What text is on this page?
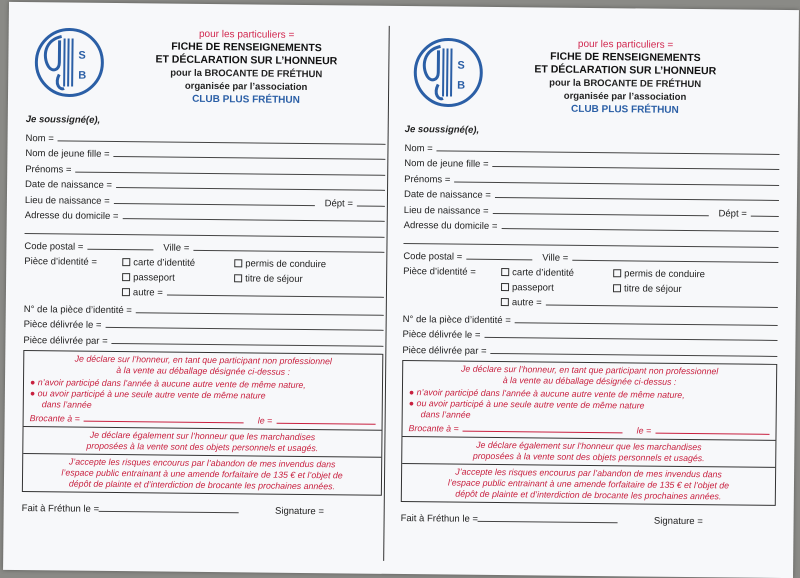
S
B
pour les particuliers =
FICHE DE RENSEIGNEMENTS
ET DÉCLARATION SUR L’HONNEUR
pour la BROCANTE DE FRÉTHUN
organisée par l’association
CLUB PLUS FRÉTHUN
Je soussigné(e),
Nom =
Nom de jeune fille =
Prénoms =
Date de naissance =
Lieu de naissance =	Dépt =
Adresse du domicile =
Code postal =	Ville =
Pièce d’identité =	carte d’identité	permis de conduire
passeport	titre de séjour
autre =
N° de la pièce d’identité =
Pièce délivrée le =
Pièce délivrée par =
Je déclare sur l’honneur, en tant que participant non professionnel
à la vente au déballage désignée ci-dessus :
● n’avoir participé dans l’année à aucune autre vente de même nature,
● ou avoir participé à une seule autre vente de même nature
dans l’année
Brocante à =	le =
Je déclare également sur l’honneur que les marchandises
proposées à la vente sont des objets personnels et usagés.
J’accepte les risques encourus par l’abandon de mes invendus dans
l’espace public entrainant à une amende forfaitaire de 135 € et l’objet de
dépôt de plainte et d’interdiction de brocante les prochaines années.
Fait à Fréthun le =	Signature =
S
B
pour les particuliers =
FICHE DE RENSEIGNEMENTS
ET DÉCLARATION SUR L’HONNEUR
pour la BROCANTE DE FRÉTHUN
organisée par l’association
CLUB PLUS FRÉTHUN
Je soussigné(e),
Nom =
Nom de jeune fille =
Prénoms =
Date de naissance =
Lieu de naissance =	Dépt =
Adresse du domicile =
Code postal =	Ville =
Pièce d’identité =	carte d’identité	permis de conduire
passeport	titre de séjour
autre =
N° de la pièce d’identité =
Pièce délivrée le =
Pièce délivrée par =
Je déclare sur l’honneur, en tant que participant non professionnel
à la vente au déballage désignée ci-dessus :
● n’avoir participé dans l’année à aucune autre vente de même nature,
● ou avoir participé à une seule autre vente de même nature
dans l’année
Brocante à =	le =
Je déclare également sur l’honneur que les marchandises
proposées à la vente sont des objets personnels et usagés.
J’accepte les risques encourus par l’abandon de mes invendus dans
l’espace public entrainant à une amende forfaitaire de 135 € et l’objet de
dépôt de plainte et d’interdiction de brocante les prochaines années.
Fait à Fréthun le =	Signature =
